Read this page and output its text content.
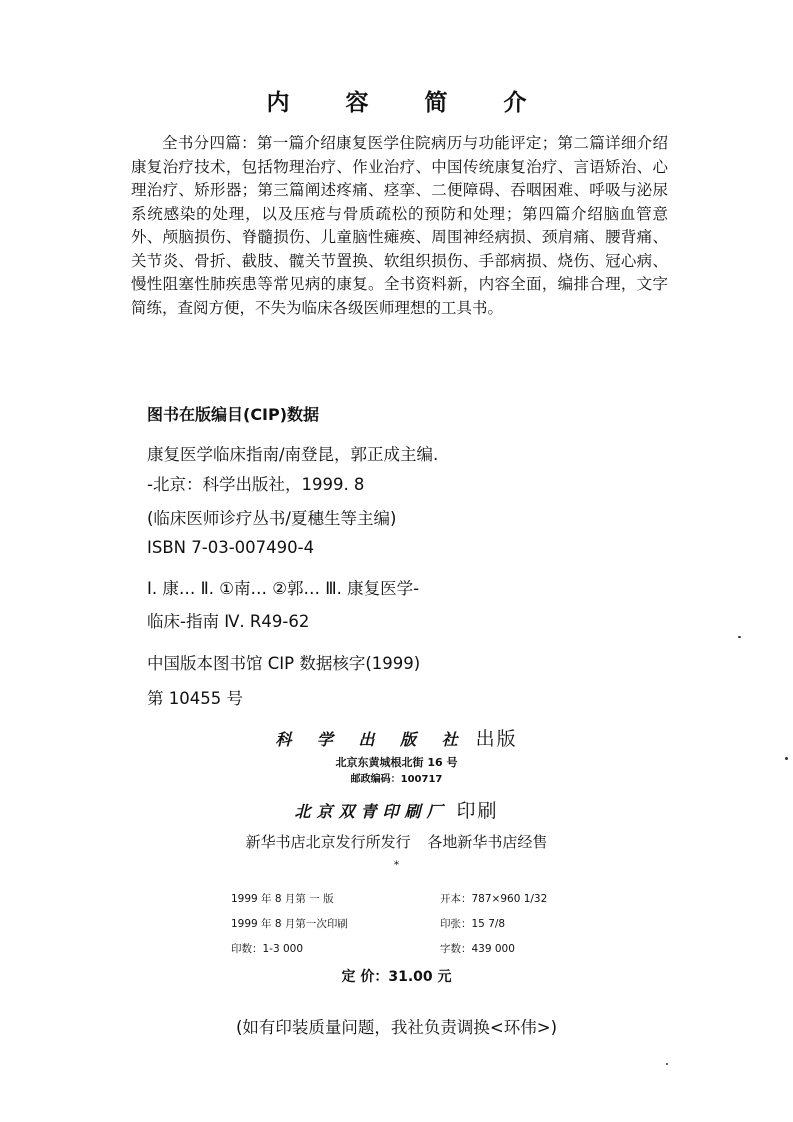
内 容 简 介
全书分四篇：第一篇介绍康复医学住院病历与功能评定；第二篇详细介绍康复治疗技术，包括物理治疗、作业治疗、中国传统康复治疗、言语矫治、心理治疗、矫形器；第三篇阐述疼痛、痉挛、二便障碍、吞咽困难、呼吸与泌尿系统感染的处理，以及压疮与骨质疏松的预防和处理；第四篇介绍脑血管意外、颅脑损伤、脊髓损伤、儿童脑性瘫痪、周围神经病损、颈肩痛、腰背痛、关节炎、骨折、截肢、髋关节置换、软组织损伤、手部病损、烧伤、冠心病、慢性阻塞性肺疾患等常见病的康复。全书资料新，内容全面，编排合理，文字简练，查阅方便，不失为临床各级医师理想的工具书。
图书在版编目(CIP)数据
康复医学临床指南/南登昆，郭正成主编.
-北京：科学出版社，1999. 8
(临床医师诊疗丛书/夏穗生等主编)
ISBN 7-03-007490-4
Ⅰ. 康… Ⅱ. ①南… ②郭… Ⅲ. 康复医学-
临床-指南 Ⅳ. R49-62
中国版本图书馆 CIP 数据核字(1999)
第 10455 号
科 学 出 版 社 出版
北京东黄城根北街 16 号
邮政编码：100717
北京双青印刷厂 印刷
新华书店北京发行所发行 各地新华书店经售
*
1999 年 8 月第 一 版	开本：787×960 1/32
1999 年 8 月第一次印刷	印张：15 7/8
印数：1-3 000	字数：439 000
定 价：31.00 元
(如有印装质量问题，我社负责调换<环伟>)
